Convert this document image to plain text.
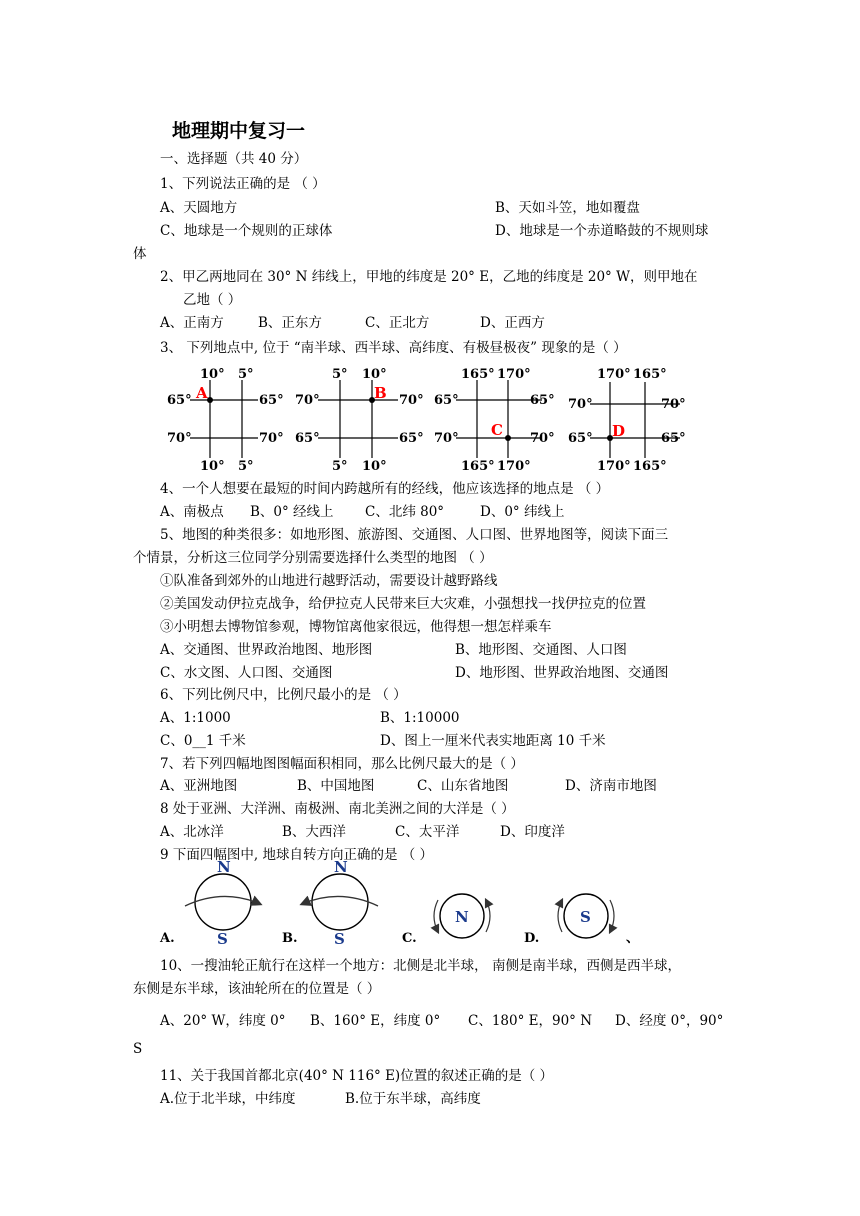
地理期中复习一
一、选择题（共 40 分）
1、下列说法正确的是 （ ）
A、天圆地方	B、天如斗笠，地如覆盘
C、地球是一个规则的正球体	D、地球是一个赤道略鼓的不规则球
体
2、甲乙两地同在 30° N 纬线上，甲地的纬度是 20° E，乙地的纬度是 20° W，则甲地在
乙地（ ）
A、正南方	B、正东方	C、正北方	D、正西方
3、 下列地点中, 位于 “南半球、西半球、高纬度、有极昼极夜” 现象的是（ ）
10° 5°
10° 5°
65°	65°
70°	70°
A
5° 10°
5° 10°
70°	70°
65°	65°
B
165° 170°
165° 170°
65°	65°
70°	70°
C
170° 165°
170° 165°
70°	70°
65°	65°
D
4、一个人想要在最短的时间内跨越所有的经线，他应该选择的地点是 （ ）
A、南极点 B、0° 经线上 C、北纬 80°	D、0° 纬线上
5、地图的种类很多：如地形图、旅游图、交通图、人口图、世界地图等，阅读下面三
个情景，分析这三位同学分别需要选择什么类型的地图 （ ）
①队准备到郊外的山地进行越野活动，需要设计越野路线
②美国发动伊拉克战争，给伊拉克人民带来巨大灾难，小强想找一找伊拉克的位置
③小明想去博物馆参观，博物馆离他家很远，他得想一想怎样乘车
A、交通图、世界政治地图、地形图	B、地形图、交通图、人口图
C、水文图、人口图、交通图	D、地形图、世界政治地图、交通图
6、下列比例尺中，比例尺最小的是 （ ）
A、1:1000	B、1:10000
C、0__1 千米	D、图上一厘米代表实地距离 10 千米
7、若下列四幅地图图幅面积相同，那么比例尺最大的是（ ）
A、亚洲地图	B、中国地图	C、山东省地图	D、济南市地图
8 处于亚洲、大洋洲、南极洲、南北美洲之间的大洋是（ ）
A、北冰洋	B、大西洋	C、太平洋	D、印度洋
9 下面四幅图中, 地球自转方向正确的是 （ ）
A.
N
S	B.
N
S	C.
N
D.
S
、
10、一搜油轮正航行在这样一个地方：北侧是北半球， 南侧是南半球，西侧是西半球，
东侧是东半球，该油轮所在的位置是（ ）
A、20° W，纬度 0° B、160° E，纬度 0° C、180° E，90° N D、经度 0°，90°
S
11、关于我国首都北京(40° N 116° E)位置的叙述正确的是（ ）
A.位于北半球，中纬度	B.位于东半球，高纬度
